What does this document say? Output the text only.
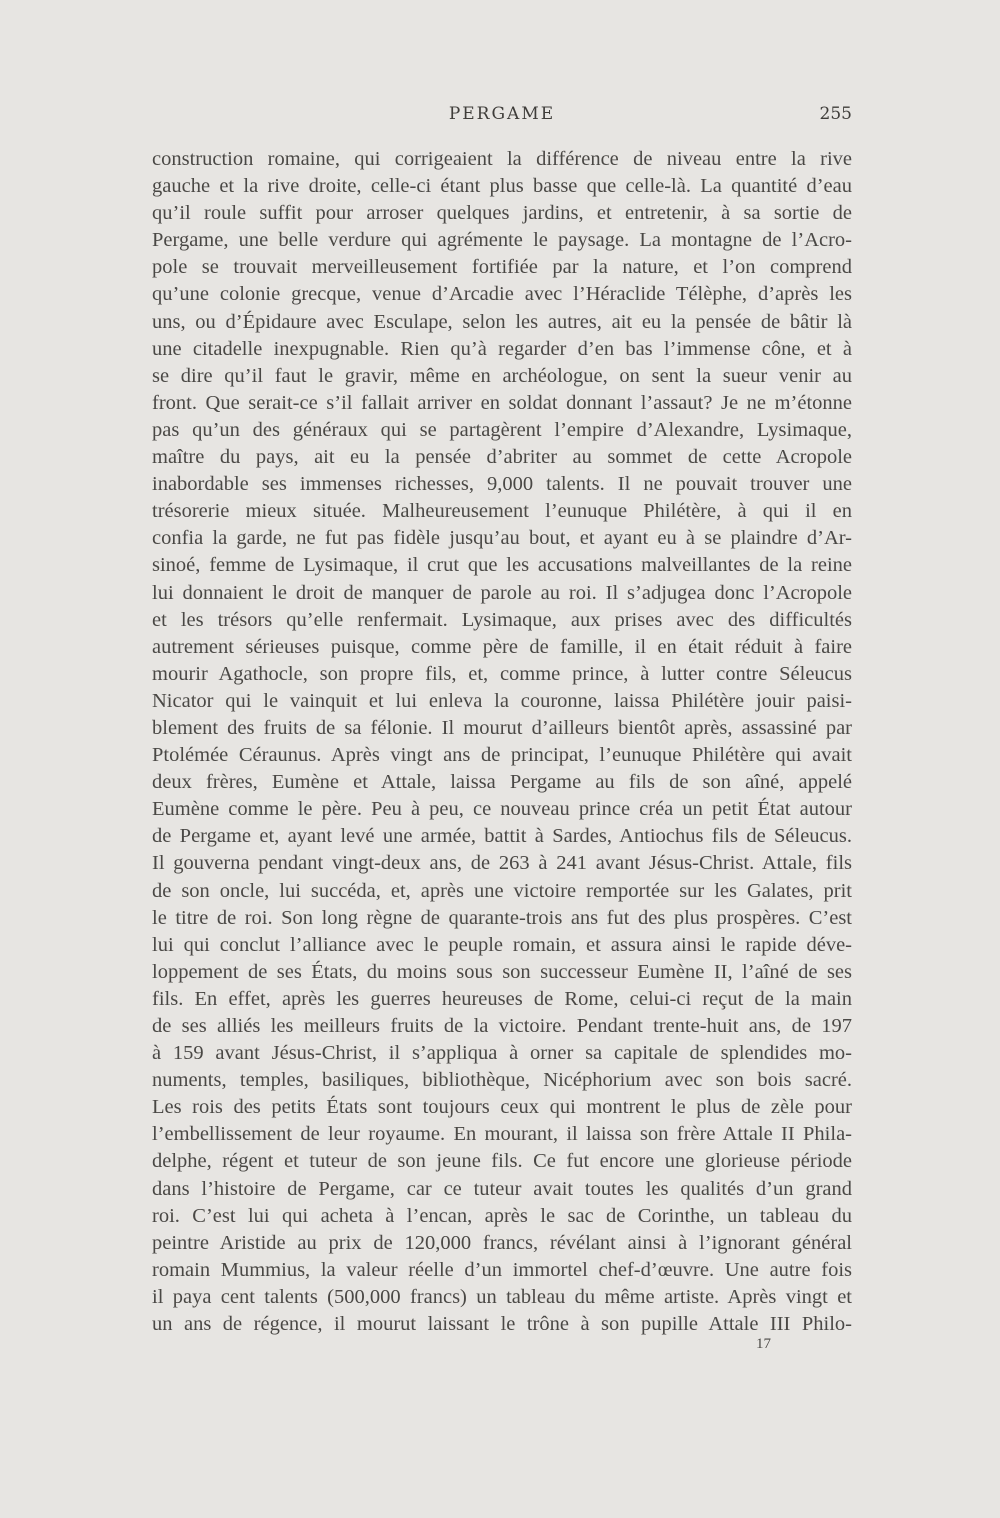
PERGAME	255
construction romaine, qui corrigeaient la différence de niveau entre la rive
gauche et la rive droite, celle-ci étant plus basse que celle-là. La quantité d’eau
qu’il roule suffit pour arroser quelques jardins, et entretenir, à sa sortie de
Pergame, une belle verdure qui agrémente le paysage. La montagne de l’Acro-
pole se trouvait merveilleusement fortifiée par la nature, et l’on comprend
qu’une colonie grecque, venue d’Arcadie avec l’Héraclide Télèphe, d’après les
uns, ou d’Épidaure avec Esculape, selon les autres, ait eu la pensée de bâtir là
une citadelle inexpugnable. Rien qu’à regarder d’en bas l’immense cône, et à
se dire qu’il faut le gravir, même en archéologue, on sent la sueur venir au
front. Que serait-ce s’il fallait arriver en soldat donnant l’assaut? Je ne m’étonne
pas qu’un des généraux qui se partagèrent l’empire d’Alexandre, Lysimaque,
maître du pays, ait eu la pensée d’abriter au sommet de cette Acropole
inabordable ses immenses richesses, 9,000 talents. Il ne pouvait trouver une
trésorerie mieux située. Malheureusement l’eunuque Philétère, à qui il en
confia la garde, ne fut pas fidèle jusqu’au bout, et ayant eu à se plaindre d’Ar-
sinoé, femme de Lysimaque, il crut que les accusations malveillantes de la reine
lui donnaient le droit de manquer de parole au roi. Il s’adjugea donc l’Acropole
et les trésors qu’elle renfermait. Lysimaque, aux prises avec des difficultés
autrement sérieuses puisque, comme père de famille, il en était réduit à faire
mourir Agathocle, son propre fils, et, comme prince, à lutter contre Séleucus
Nicator qui le vainquit et lui enleva la couronne, laissa Philétère jouir paisi-
blement des fruits de sa félonie. Il mourut d’ailleurs bientôt après, assassiné par
Ptolémée Céraunus. Après vingt ans de principat, l’eunuque Philétère qui avait
deux frères, Eumène et Attale, laissa Pergame au fils de son aîné, appelé
Eumène comme le père. Peu à peu, ce nouveau prince créa un petit État autour
de Pergame et, ayant levé une armée, battit à Sardes, Antiochus fils de Séleucus.
Il gouverna pendant vingt-deux ans, de 263 à 241 avant Jésus-Christ. Attale, fils
de son oncle, lui succéda, et, après une victoire remportée sur les Galates, prit
le titre de roi. Son long règne de quarante-trois ans fut des plus prospères. C’est
lui qui conclut l’alliance avec le peuple romain, et assura ainsi le rapide déve-
loppement de ses États, du moins sous son successeur Eumène II, l’aîné de ses
fils. En effet, après les guerres heureuses de Rome, celui-ci reçut de la main
de ses alliés les meilleurs fruits de la victoire. Pendant trente-huit ans, de 197
à 159 avant Jésus-Christ, il s’appliqua à orner sa capitale de splendides mo-
numents, temples, basiliques, bibliothèque, Nicéphorium avec son bois sacré.
Les rois des petits États sont toujours ceux qui montrent le plus de zèle pour
l’embellissement de leur royaume. En mourant, il laissa son frère Attale II Phila-
delphe, régent et tuteur de son jeune fils. Ce fut encore une glorieuse période
dans l’histoire de Pergame, car ce tuteur avait toutes les qualités d’un grand
roi. C’est lui qui acheta à l’encan, après le sac de Corinthe, un tableau du
peintre Aristide au prix de 120,000 francs, révélant ainsi à l’ignorant général
romain Mummius, la valeur réelle d’un immortel chef-d’œuvre. Une autre fois
il paya cent talents (500,000 francs) un tableau du même artiste. Après vingt et
un ans de régence, il mourut laissant le trône à son pupille Attale III Philo-
17
